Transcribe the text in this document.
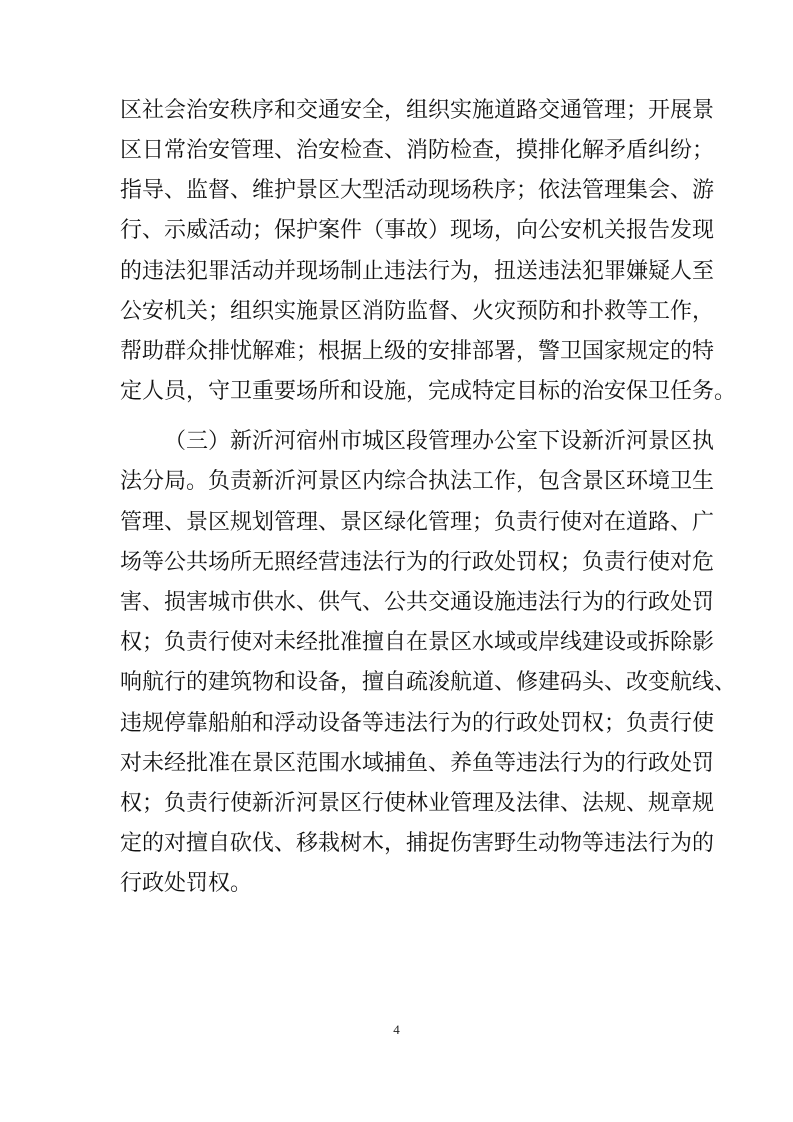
区社会治安秩序和交通安全，组织实施道路交通管理；开展景
区日常治安管理、治安检查、消防检查，摸排化解矛盾纠纷；
指导、监督、维护景区大型活动现场秩序；依法管理集会、游
行、示威活动；保护案件（事故）现场，向公安机关报告发现
的违法犯罪活动并现场制止违法行为，扭送违法犯罪嫌疑人至
公安机关；组织实施景区消防监督、火灾预防和扑救等工作，
帮助群众排忧解难；根据上级的安排部署，警卫国家规定的特
定人员，守卫重要场所和设施，完成特定目标的治安保卫任务。
（三）新沂河宿州市城区段管理办公室下设新沂河景区执
法分局。负责新沂河景区内综合执法工作，包含景区环境卫生
管理、景区规划管理、景区绿化管理；负责行使对在道路、广
场等公共场所无照经营违法行为的行政处罚权；负责行使对危
害、损害城市供水、供气、公共交通设施违法行为的行政处罚
权；负责行使对未经批准擅自在景区水域或岸线建设或拆除影
响航行的建筑物和设备，擅自疏浚航道、修建码头、改变航线、
违规停靠船舶和浮动设备等违法行为的行政处罚权；负责行使
对未经批准在景区范围水域捕鱼、养鱼等违法行为的行政处罚
权；负责行使新沂河景区行使林业管理及法律、法规、规章规
定的对擅自砍伐、移栽树木，捕捉伤害野生动物等违法行为的
行政处罚权。
4
